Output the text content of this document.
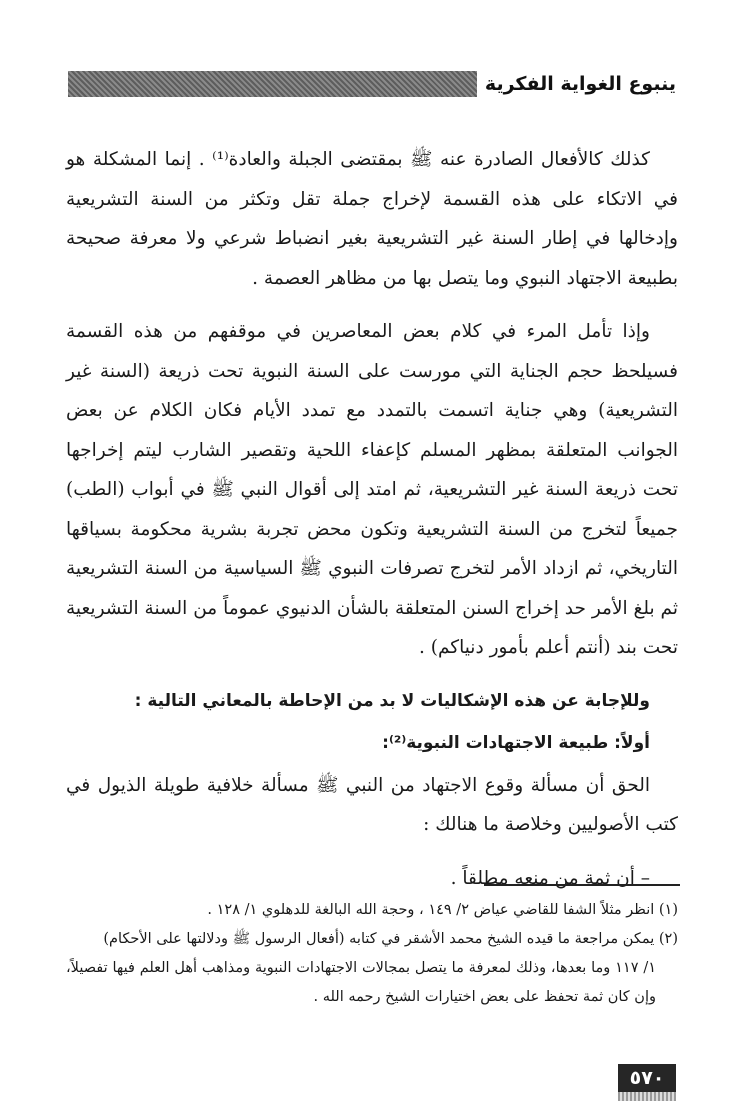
ينبوع الغواية الفكرية

كذلك كالأفعال الصادرة عنه ﷺ بمقتضى الجبلة والعادة⁽¹⁾ . إنما المشكلة هو في الاتكاء على هذه القسمة لإخراج جملة تقل وتكثر من السنة التشريعية وإدخالها في إطار السنة غير التشريعية بغير انضباط شرعي ولا معرفة صحيحة بطبيعة الاجتهاد النبوي وما يتصل بها من مظاهر العصمة .

وإذا تأمل المرء في كلام بعض المعاصرين في موقفهم من هذه القسمة فسيلحظ حجم الجناية التي مورست على السنة النبوية تحت ذريعة (السنة غير التشريعية) وهي جناية اتسمت بالتمدد مع تمدد الأيام فكان الكلام عن بعض الجوانب المتعلقة بمظهر المسلم كإعفاء اللحية وتقصير الشارب ليتم إخراجها تحت ذريعة السنة غير التشريعية، ثم امتد إلى أقوال النبي ﷺ في أبواب (الطب) جميعاً لتخرج من السنة التشريعية وتكون محض تجربة بشرية محكومة بسياقها التاريخي، ثم ازداد الأمر لتخرج تصرفات النبوي ﷺ السياسية من السنة التشريعية ثم بلغ الأمر حد إخراج السنن المتعلقة بالشأن الدنيوي عموماً من السنة التشريعية تحت بند (أنتم أعلم بأمور دنياكم) .

وللإجابة عن هذه الإشكاليات لا بد من الإحاطة بالمعاني التالية :

أولاً: طبيعة الاجتهادات النبوية⁽²⁾:

الحق أن مسألة وقوع الاجتهاد من النبي ﷺ مسألة خلافية طويلة الذيول في كتب الأصوليين وخلاصة ما هنالك :

– أن ثمة من منعه مطلقاً .

(١) انظر مثلاً الشفا للقاضي عياض ٢/ ١٤٩ ، وحجة الله البالغة للدهلوي ١/ ١٢٨ .

(٢) يمكن مراجعة ما قيده الشيخ محمد الأشقر في كتابه (أفعال الرسول ﷺ ودلالتها على الأحكام)

١/ ١١٧ وما بعدها، وذلك لمعرفة ما يتصل بمجالات الاجتهادات النبوية ومذاهب أهل العلم فيها تفصيلاً، وإن كان ثمة تحفظ على بعض اختيارات الشيخ رحمه الله .

٥٧٠
